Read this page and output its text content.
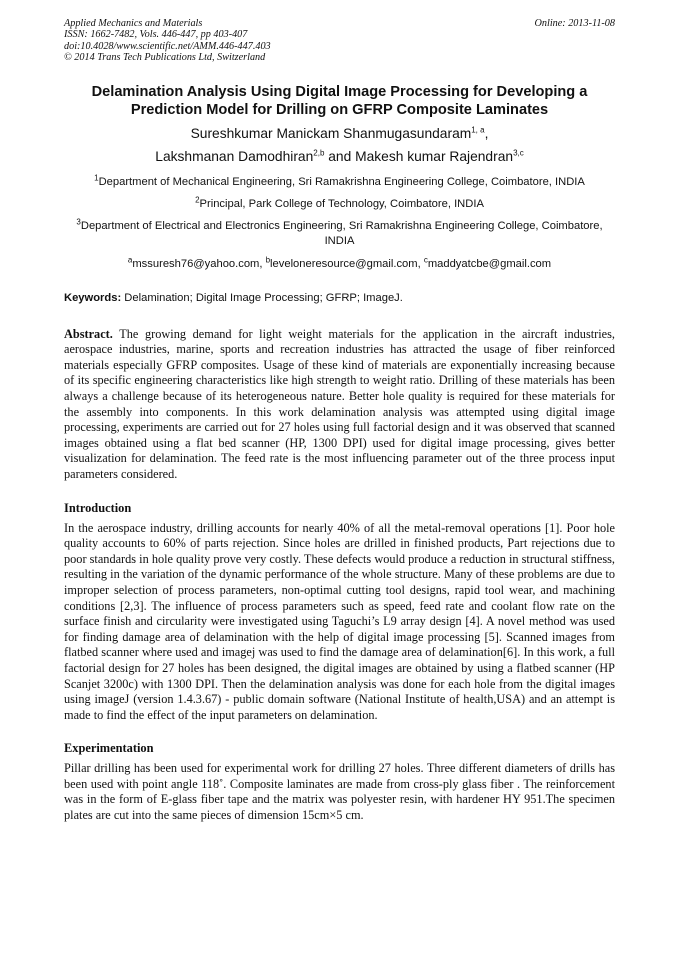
Applied Mechanics and Materials
ISSN: 1662-7482, Vols. 446-447, pp 403-407
doi:10.4028/www.scientific.net/AMM.446-447.403
© 2014 Trans Tech Publications Ltd, Switzerland
Online: 2013-11-08
Delamination Analysis Using Digital Image Processing for Developing a Prediction Model for Drilling on GFRP Composite Laminates
Sureshkumar Manickam Shanmugasundaram$^{1, a}$,
Lakshmanan Damodhiran$^{2,b}$ and Makesh kumar Rajendran$^{3,c}$
$^1$Department of Mechanical Engineering, Sri Ramakrishna Engineering College, Coimbatore, INDIA
$^2$Principal, Park College of Technology, Coimbatore, INDIA
$^3$Department of Electrical and Electronics Engineering, Sri Ramakrishna Engineering College, Coimbatore, INDIA
$^a$mssuresh76@yahoo.com, $^b$leveloneresource@gmail.com, $^c$maddyatcbe@gmail.com
Keywords: Delamination; Digital Image Processing; GFRP; ImageJ.

Abstract. The growing demand for light weight materials for the application in the aircraft industries, aerospace industries, marine, sports and recreation industries has attracted the usage of fiber reinforced materials especially GFRP composites. Usage of these kind of materials are exponentially increasing because of its specific engineering characteristics like high strength to weight ratio. Drilling of these materials has been always a challenge because of its heterogeneous nature. Better hole quality is required for these materials for the assembly into components. In this work delamination analysis was attempted using digital image processing, experiments are carried out for 27 holes using full factorial design and it was observed that scanned images obtained using a flat bed scanner (HP, 1300 DPI) used for digital image processing, gives better visualization for delamination. The feed rate is the most influencing parameter out of the three process input parameters considered.

Introduction

In the aerospace industry, drilling accounts for nearly 40% of all the metal-removal operations [1]. Poor hole quality accounts to 60% of parts rejection. Since holes are drilled in finished products, Part rejections due to poor standards in hole quality prove very costly. These defects would produce a reduction in structural stiffness, resulting in the variation of the dynamic performance of the whole structure. Many of these problems are due to improper selection of process parameters, non-optimal cutting tool designs, rapid tool wear, and machining conditions [2,3]. The influence of process parameters such as speed, feed rate and coolant flow rate on the surface finish and circularity were investigated using Taguchi’s L9 array design [4]. A novel method was used for finding damage area of delamination with the help of digital image processing [5]. Scanned images from flatbed scanner where used and imagej was used to find the damage area of delamination[6]. In this work, a full factorial design for 27 holes has been designed, the digital images are obtained by using a flatbed scanner (HP Scanjet 3200c) with 1300 DPI. Then the delamination analysis was done for each hole from the digital images using imageJ (version 1.4.3.67) - public domain software (National Institute of health,USA) and an attempt is made to find the effect of the input parameters on delamination.

Experimentation

Pillar drilling has been used for experimental work for drilling 27 holes. Three different diameters of drills has been used with point angle 118˚. Composite laminates are made from cross-ply glass fiber . The reinforcement was in the form of E-glass fiber tape and the matrix was polyester resin, with hardener HY 951.The specimen plates are cut into the same pieces of dimension 15cm×5 cm.
